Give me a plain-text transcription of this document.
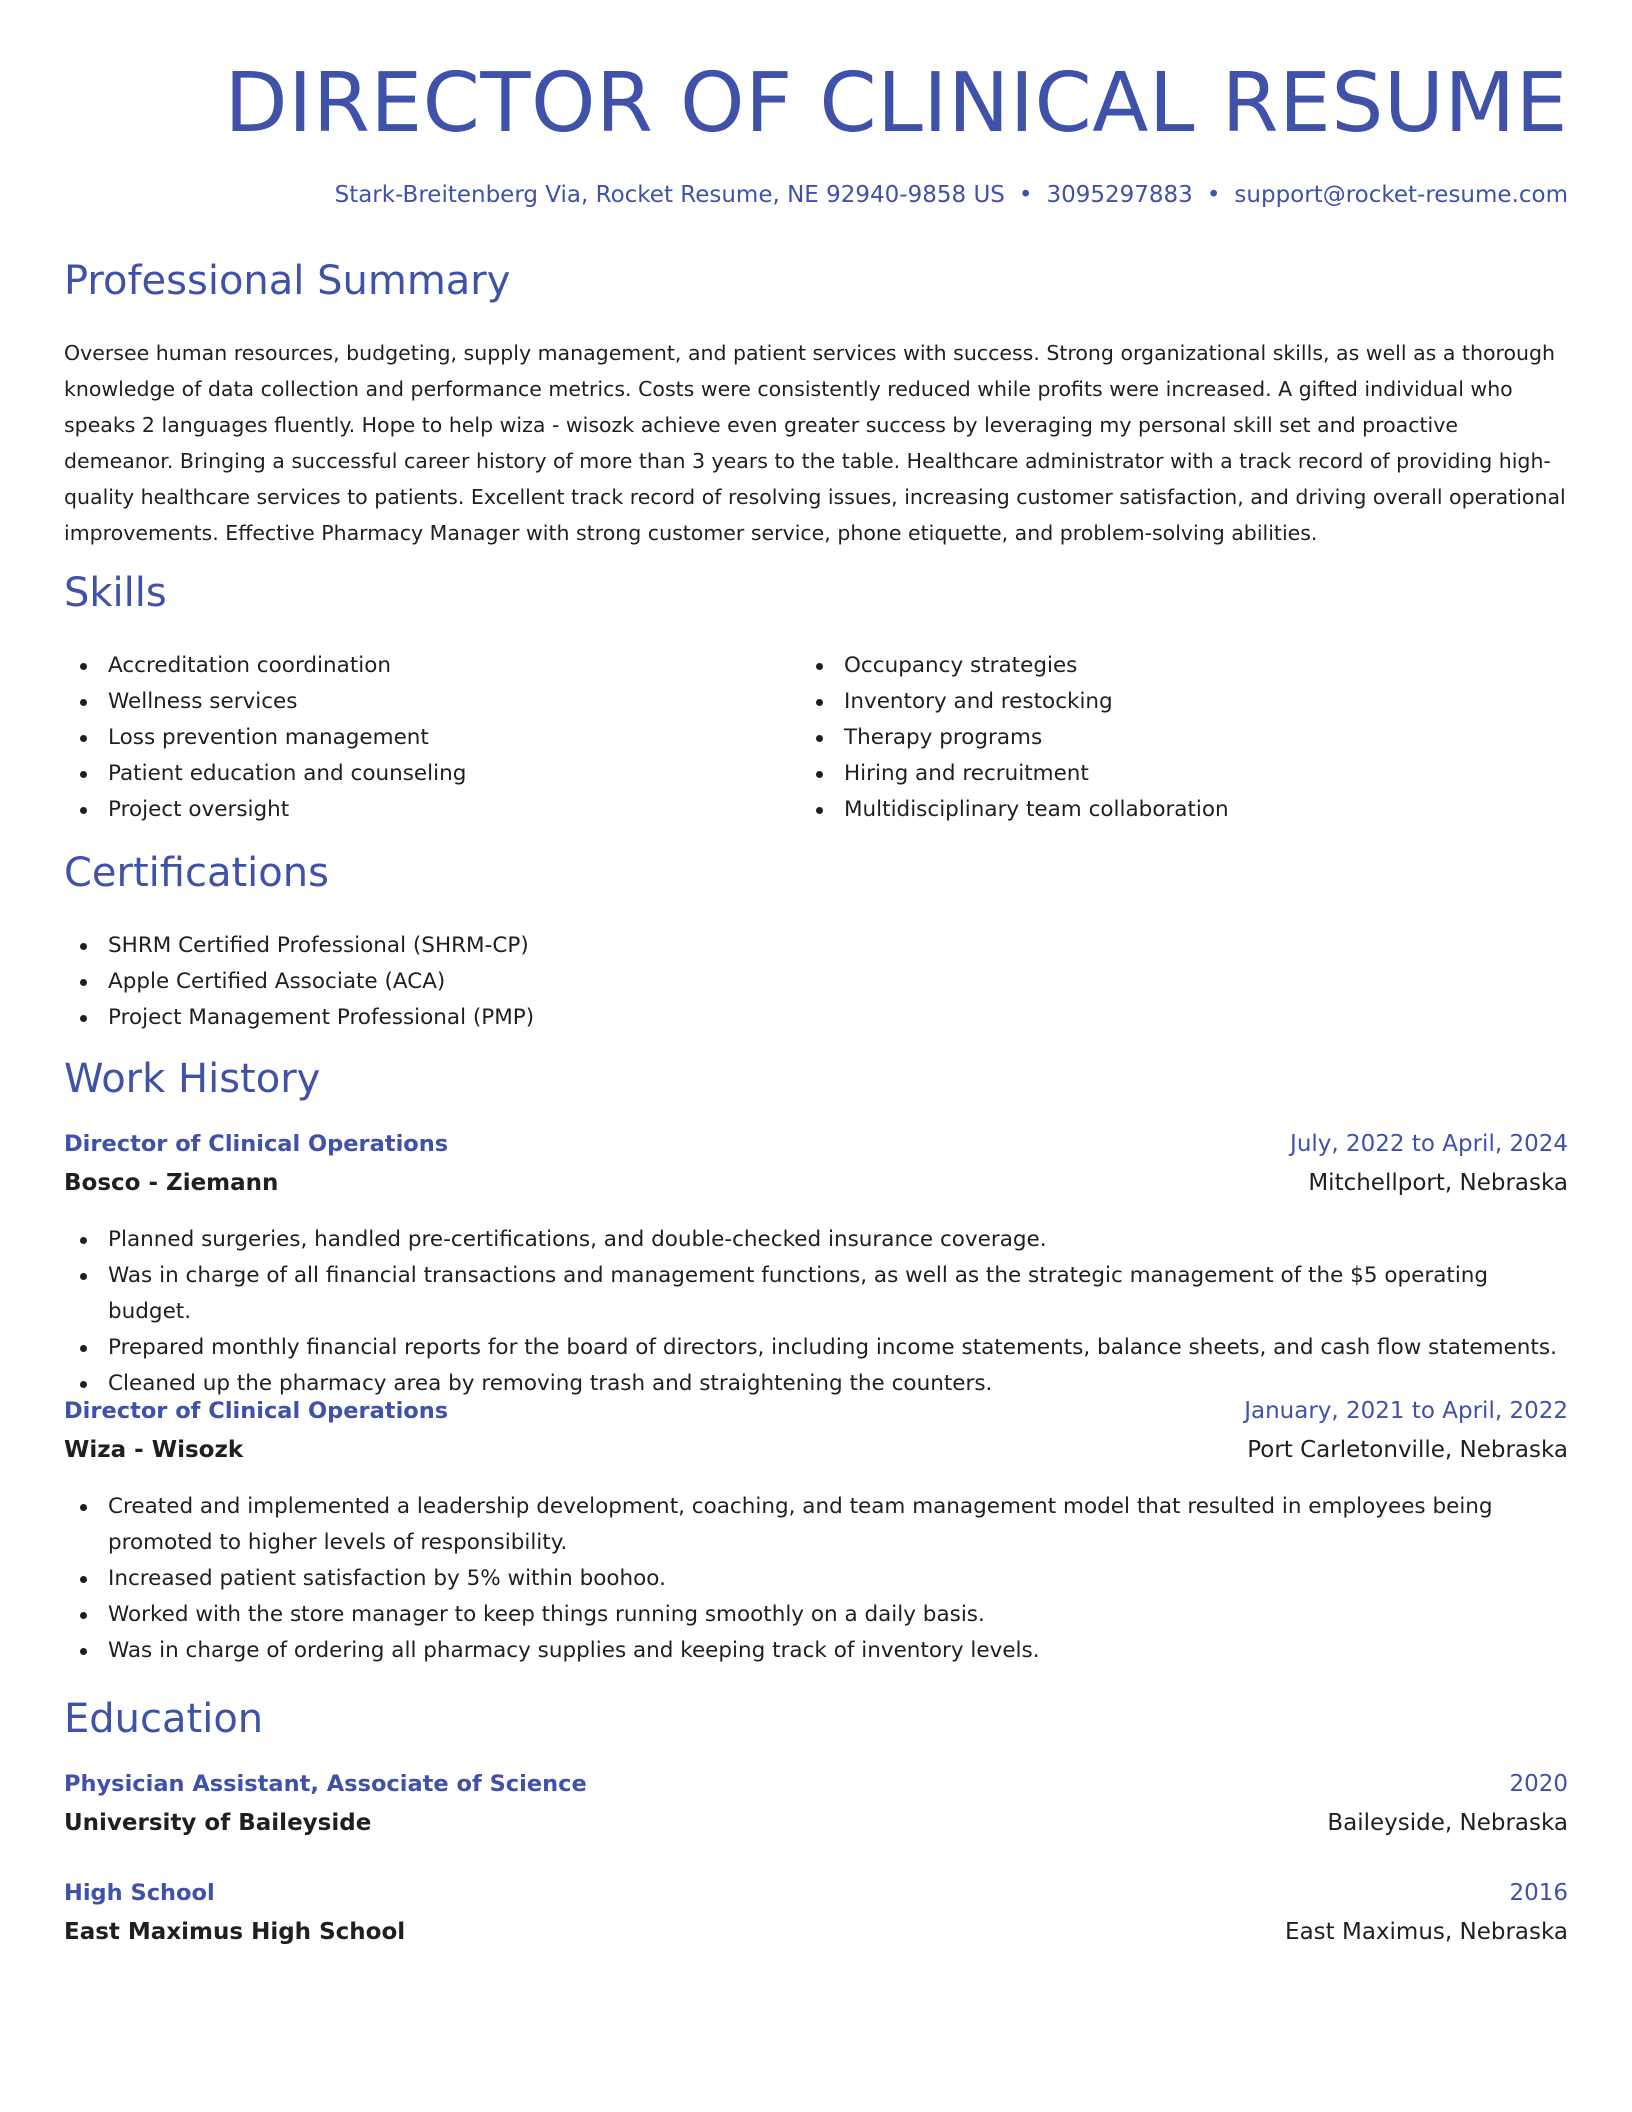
DIRECTOR OF CLINICAL RESUME
Stark-Breitenberg Via, Rocket Resume, NE 92940-9858 US • 3095297883 • support@rocket-resume.com
Professional Summary

Oversee human resources, budgeting, supply management, and patient services with success. Strong organizational skills, as well as a thorough knowledge of data collection and performance metrics. Costs were consistently reduced while profits were increased. A gifted individual who speaks 2 languages fluently. Hope to help wiza - wisozk achieve even greater success by leveraging my personal skill set and proactive demeanor. Bringing a successful career history of more than 3 years to the table. Healthcare administrator with a track record of providing high-quality healthcare services to patients. Excellent track record of resolving issues, increasing customer satisfaction, and driving overall operational improvements. Effective Pharmacy Manager with strong customer service, phone etiquette, and problem-solving abilities.

Skills
Accreditation coordination
Wellness services
Loss prevention management
Patient education and counseling
Project oversight
Occupancy strategies
Inventory and restocking
Therapy programs
Hiring and recruitment
Multidisciplinary team collaboration
Certifications
SHRM Certified Professional (SHRM-CP)
Apple Certified Associate (ACA)
Project Management Professional (PMP)
Work History
Director of Clinical Operations	July, 2022 to April, 2024
Bosco - Ziemann	Mitchellport, Nebraska
Planned surgeries, handled pre-certifications, and double-checked insurance coverage.
Was in charge of all financial transactions and management functions, as well as the strategic management of the $5 operating budget.
Prepared monthly financial reports for the board of directors, including income statements, balance sheets, and cash flow statements.
Cleaned up the pharmacy area by removing trash and straightening the counters.
Director of Clinical Operations	January, 2021 to April, 2022
Wiza - Wisozk	Port Carletonville, Nebraska
Created and implemented a leadership development, coaching, and team management model that resulted in employees being promoted to higher levels of responsibility.
Increased patient satisfaction by 5% within boohoo.
Worked with the store manager to keep things running smoothly on a daily basis.
Was in charge of ordering all pharmacy supplies and keeping track of inventory levels.
Education
Physician Assistant, Associate of Science	2020
University of Baileyside	Baileyside, Nebraska
High School	2016
East Maximus High School	East Maximus, Nebraska
